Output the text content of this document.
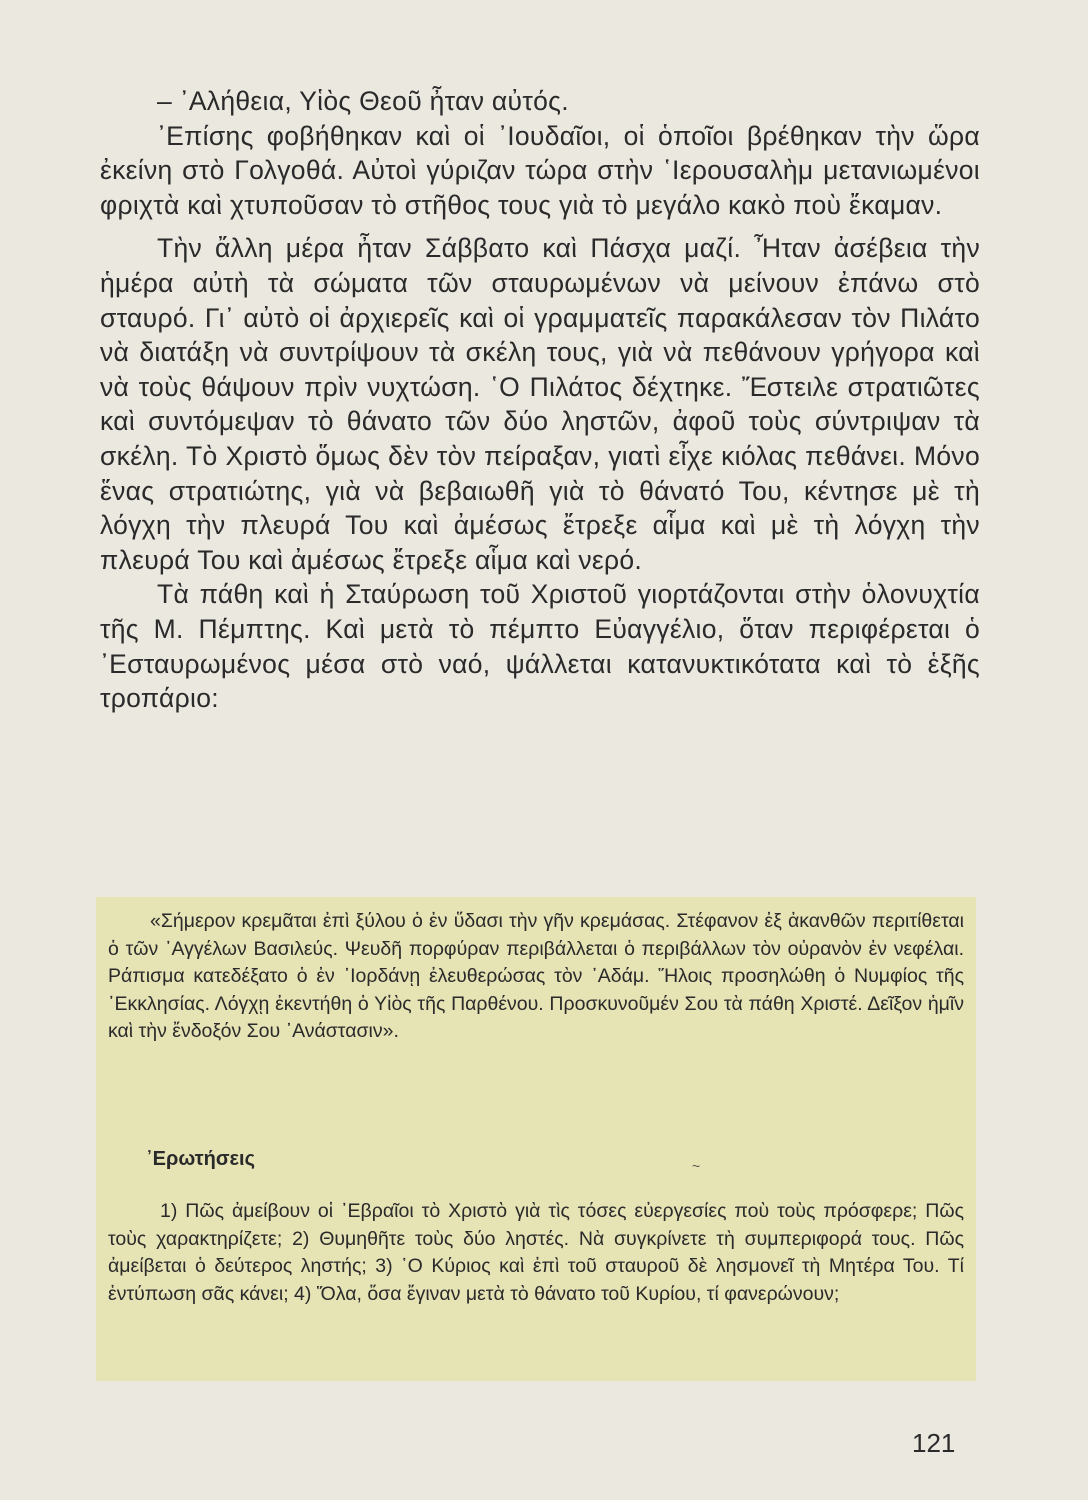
– ᾿Αλήθεια, Υἱὸς Θεοῦ ἦταν αὐτός.

᾿Επίσης φοβήθηκαν καὶ οἱ ᾿Ιουδαῖοι, οἱ ὁποῖοι βρέθηκαν τὴν ὥρα ἐκείνη στὸ Γολγοθά. Αὐτοὶ γύριζαν τώρα στὴν ῾Ιερουσαλὴμ μετανιωμένοι φριχτὰ καὶ χτυποῦσαν τὸ στῆθος τους γιὰ τὸ μεγάλο κακὸ ποὺ ἔκαμαν.

Τὴν ἄλλη μέρα ἦταν Σάββατο καὶ Πάσχα μαζί. Ἦταν ἀσέβεια τὴν ἡμέρα αὐτὴ τὰ σώματα τῶν σταυρωμένων νὰ μείνουν ἐπάνω στὸ σταυρό. Γι᾿ αὐτὸ οἱ ἀρχιερεῖς καὶ οἱ γραμματεῖς παρακάλεσαν τὸν Πιλάτο νὰ διατάξη νὰ συντρίψουν τὰ σκέλη τους, γιὰ νὰ πεθάνουν γρήγορα καὶ νὰ τοὺς θάψουν πρὶν νυχτώση. ῾Ο Πιλάτος δέχτηκε. Ἔστειλε στρατιῶτες καὶ συντόμεψαν τὸ θάνατο τῶν δύο ληστῶν, ἀφοῦ τοὺς σύντριψαν τὰ σκέλη. Τὸ Χριστὸ ὅμως δὲν τὸν πείραξαν, γιατὶ εἶχε κιόλας πεθάνει. Μόνο ἕνας στρατιώτης, γιὰ νὰ βεβαιωθῆ γιὰ τὸ θάνατό Του, κέντησε μὲ τὴ λόγχη τὴν πλευρά Του καὶ ἀμέσως ἔτρεξε αἷμα καὶ μὲ τὴ λόγχη τὴν πλευρά Του καὶ ἀμέσως ἔτρεξε αἷμα καὶ νερό.

Τὰ πάθη καὶ ἡ Σταύρωση τοῦ Χριστοῦ γιορτάζονται στὴν ὁλονυχτία τῆς Μ. Πέμπτης. Καὶ μετὰ τὸ πέμπτο Εὐαγγέλιο, ὅταν περιφέρεται ὁ ᾿Εσταυρωμένος μέσα στὸ ναό, ψάλλεται κατανυκτικότατα καὶ τὸ ἑξῆς τροπάριο:

«Σήμερον κρεμᾶται ἐπὶ ξύλου ὁ ἐν ὕδασι τὴν γῆν κρεμάσας. Στέφανον ἐξ ἀκανθῶν περιτίθεται ὁ τῶν ᾿Αγγέλων Βασιλεύς. Ψευδῆ πορφύραν περιβάλλεται ὁ περιβάλλων τὸν οὐρανὸν ἐν νεφέλαι. Ράπισμα κατεδέξατο ὁ ἐν ᾿Ιορδάνῃ ἐλευθερώσας τὸν ᾿Αδάμ. Ἥλοις προσηλώθη ὁ Νυμφίος τῆς ᾿Εκκλησίας. Λόγχῃ ἐκεντήθη ὁ Υἱὸς τῆς Παρθένου. Προσκυνοῦμέν Σου τὰ πάθη Χριστέ. Δεῖξον ἡμῖν καὶ τὴν ἔνδοξόν Σου ᾿Ανάστασιν».

᾿Ερωτήσεις	~

1) Πῶς ἀμείβουν οἱ ᾿Εβραῖοι τὸ Χριστὸ γιὰ τὶς τόσες εὐεργεσίες ποὺ τοὺς πρόσφερε; Πῶς τοὺς χαρακτηρίζετε; 2) Θυμηθῆτε τοὺς δύο ληστές. Νὰ συγκρίνετε τὴ συμπεριφορά τους. Πῶς ἀμείβεται ὁ δεύτερος ληστής; 3) ῾Ο Κύριος καὶ ἐπὶ τοῦ σταυροῦ δὲ λησμονεῖ τὴ Μητέρα Του. Τί ἐντύπωση σᾶς κάνει; 4) Ὅλα, ὅσα ἔγιναν μετὰ τὸ θάνατο τοῦ Κυρίου, τί φανερώνουν;

121
